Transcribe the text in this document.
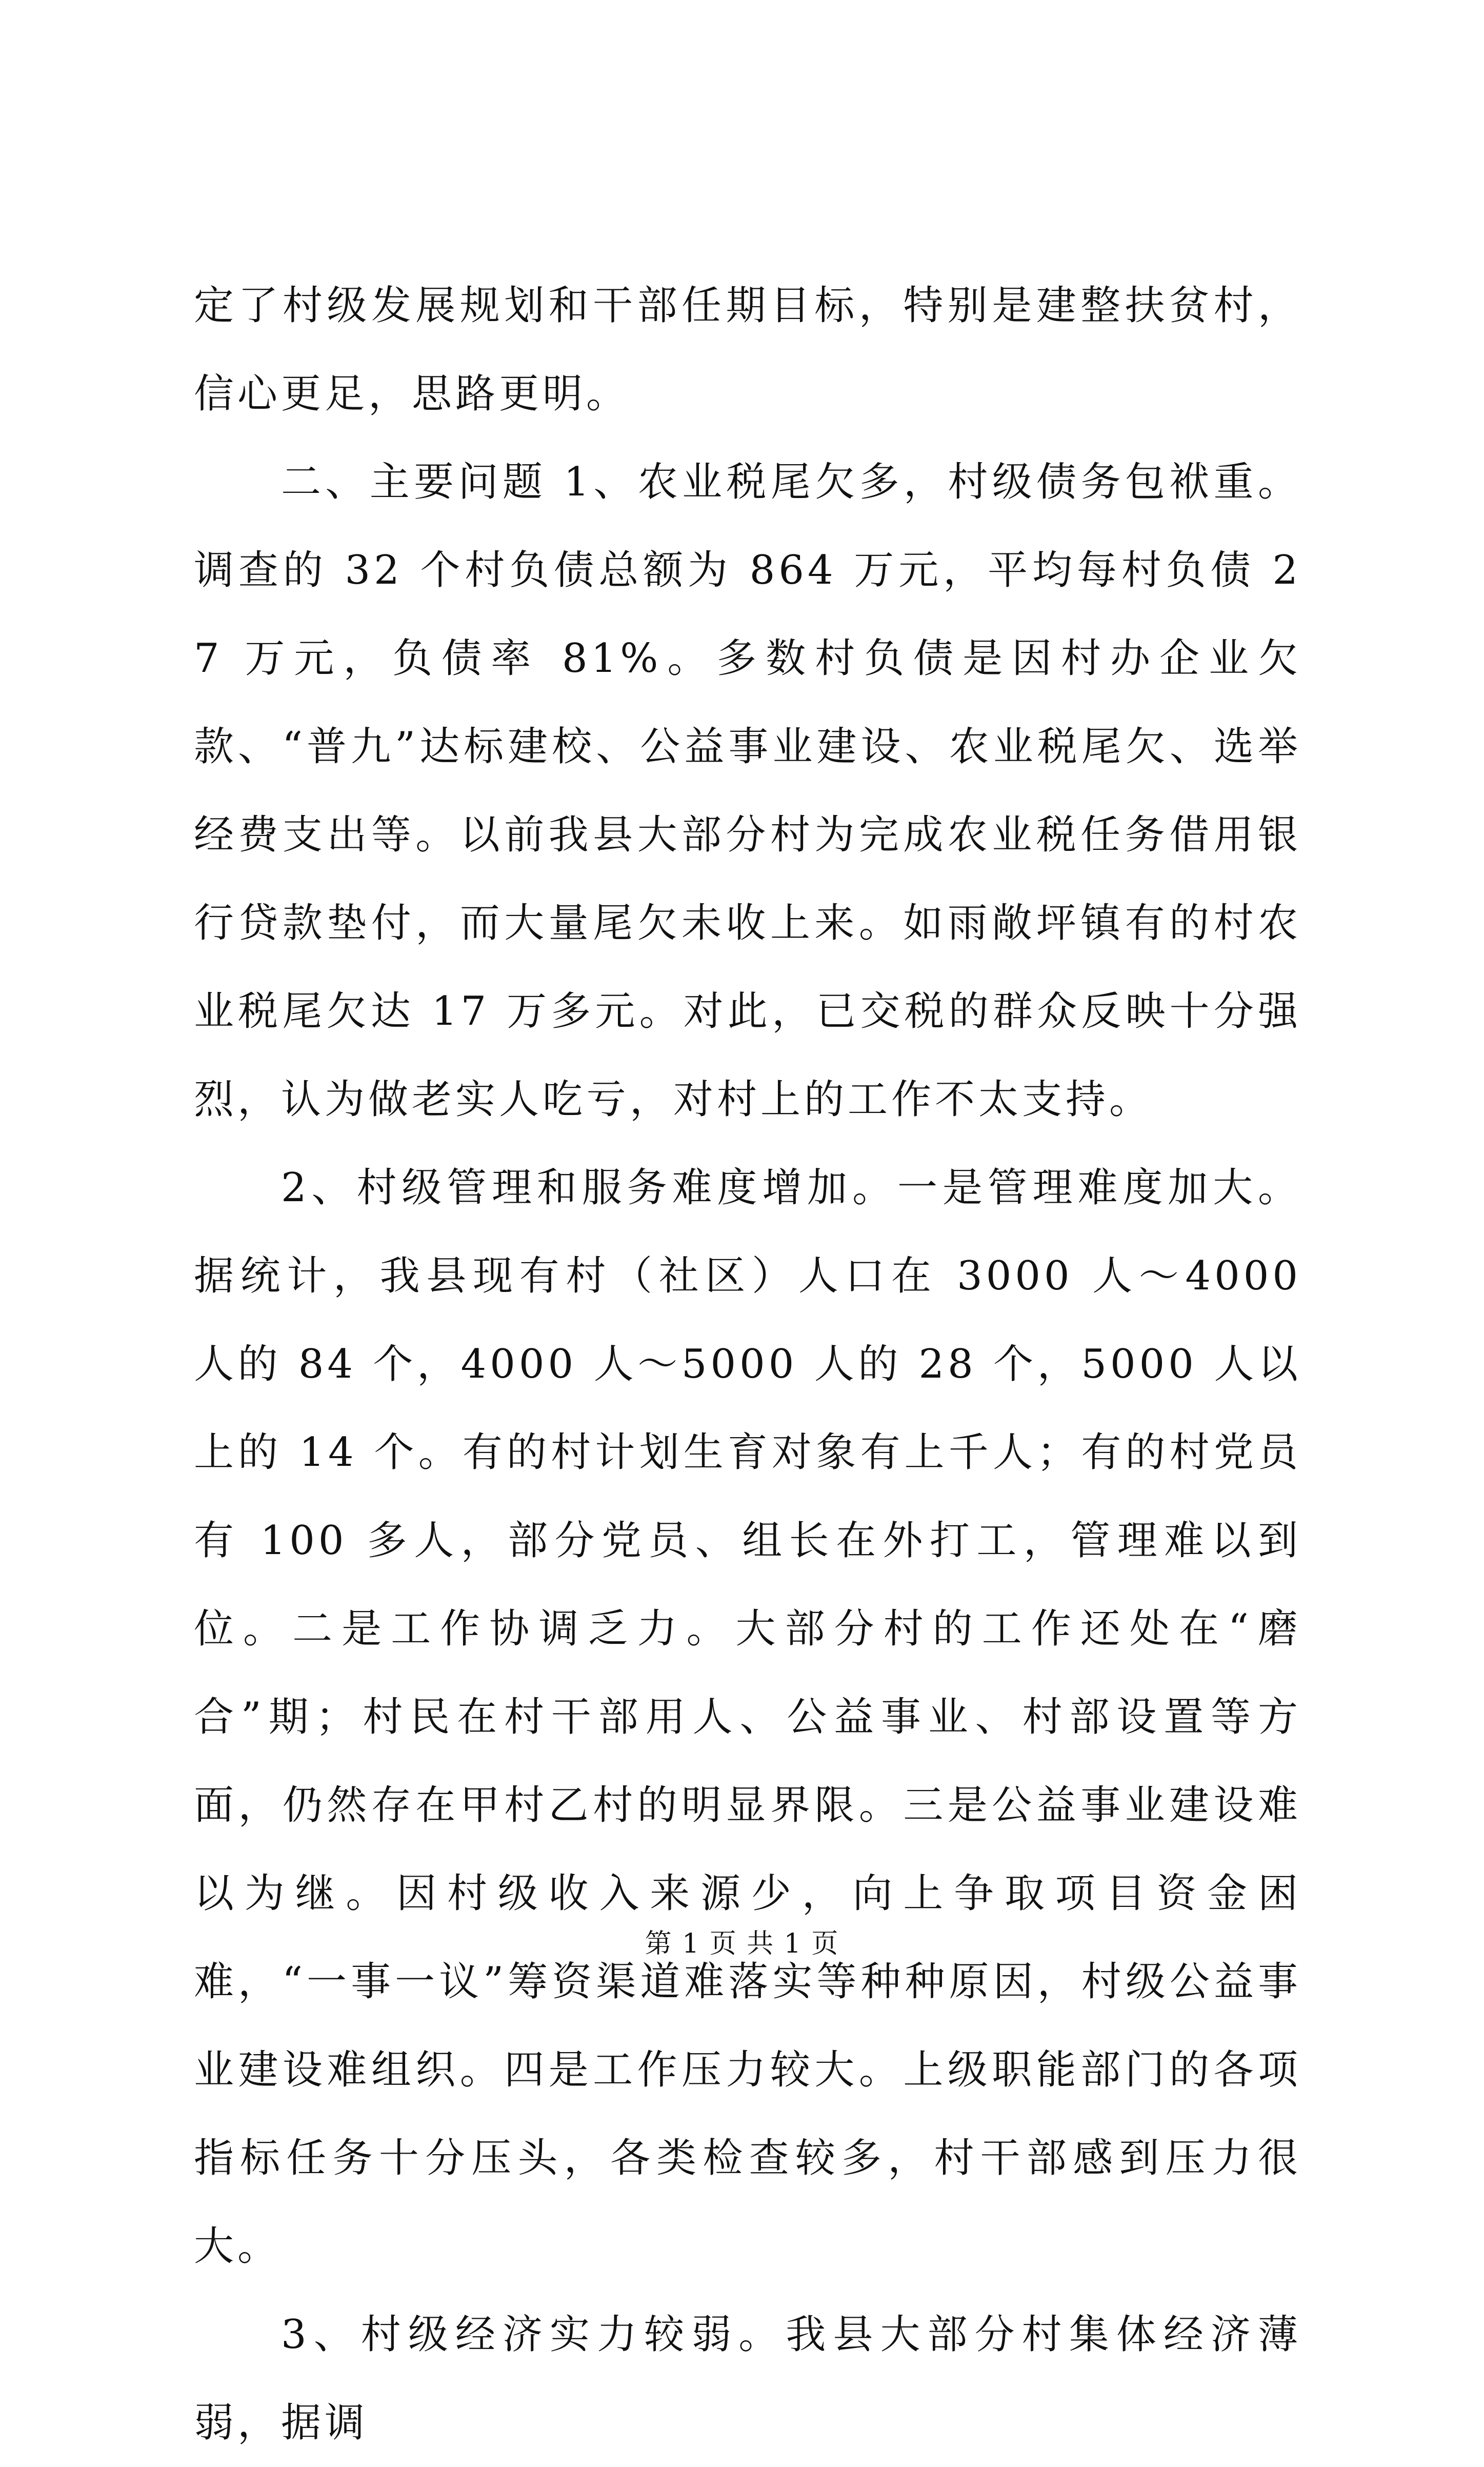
定了村级发展规划和干部任期目标，特别是建整扶贫村，信心更足，思路更明。

二、主要问题 1、农业税尾欠多，村级债务包袱重。调查的 32 个村负债总额为 864 万元，平均每村负债 27 万元，负债率 81%。多数村负债是因村办企业欠款、“普九”达标建校、公益事业建设、农业税尾欠、选举经费支出等。以前我县大部分村为完成农业税任务借用银行贷款垫付，而大量尾欠未收上来。如雨敞坪镇有的村农业税尾欠达 17 万多元。对此，已交税的群众反映十分强烈，认为做老实人吃亏，对村上的工作不太支持。

2、村级管理和服务难度增加。一是管理难度加大。据统计，我县现有村（社区）人口在 3000 人～4000 人的 84 个，4000 人～5000 人的 28 个，5000 人以上的 14 个。有的村计划生育对象有上千人；有的村党员有 100 多人，部分党员、组长在外打工，管理难以到位。二是工作协调乏力。大部分村的工作还处在“磨合”期；村民在村干部用人、公益事业、村部设置等方面，仍然存在甲村乙村的明显界限。三是公益事业建设难以为继。因村级收入来源少，向上争取项目资金困难，“一事一议”筹资渠道难落实等种种原因，村级公益事业建设难组织。四是工作压力较大。上级职能部门的各项指标任务十分压头，各类检查较多，村干部感到压力很大。

3、村级经济实力较弱。我县大部分村集体经济薄弱，据调

第 1 页 共 1 页
